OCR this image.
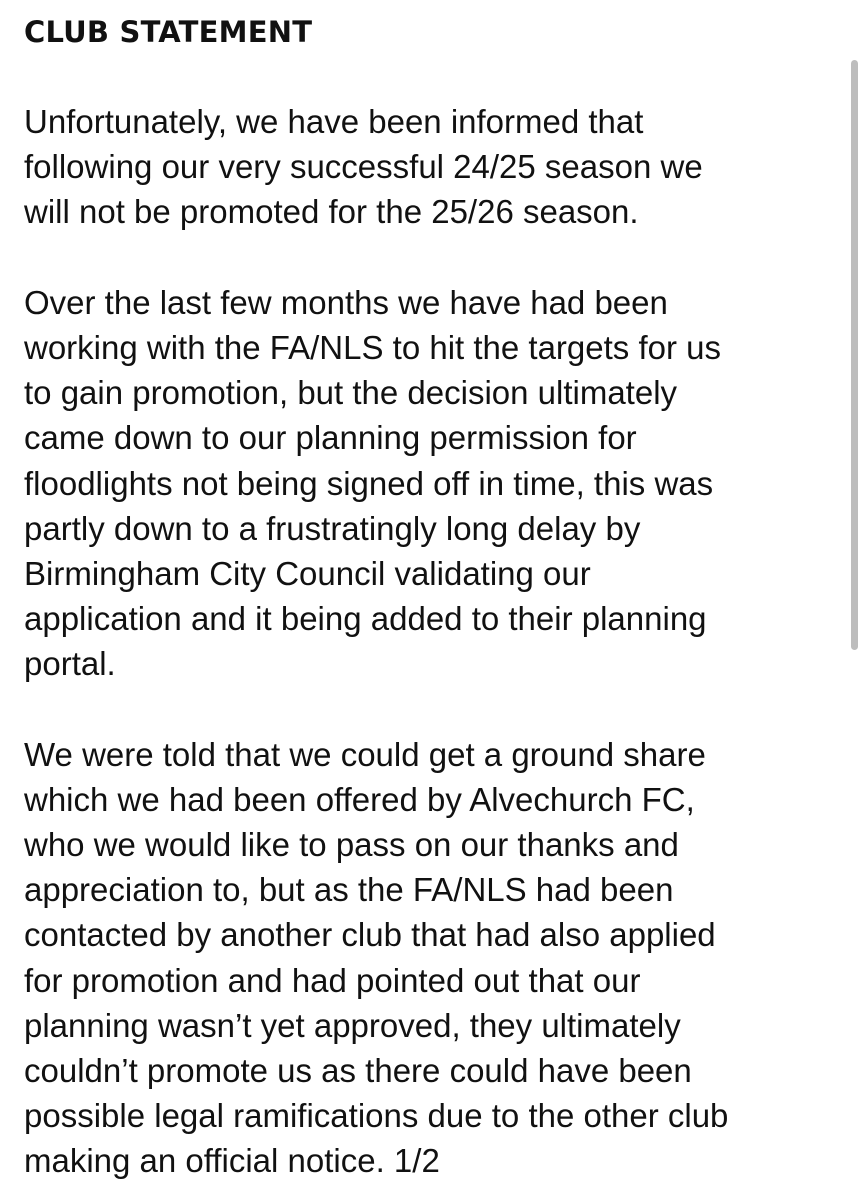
CLUB STATEMENT
Unfortunately, we have been informed that
following our very successful 24/25 season we
will not be promoted for the 25/26 season.
Over the last few months we have had been
working with the FA/NLS to hit the targets for us
to gain promotion, but the decision ultimately
came down to our planning permission for
floodlights not being signed off in time, this was
partly down to a frustratingly long delay by
Birmingham City Council validating our
application and it being added to their planning
portal.
We were told that we could get a ground share
which we had been offered by Alvechurch FC,
who we would like to pass on our thanks and
appreciation to, but as the FA/NLS had been
contacted by another club that had also applied
for promotion and had pointed out that our
planning wasn’t yet approved, they ultimately
couldn’t promote us as there could have been
possible legal ramifications due to the other club
making an official notice. 1/2
